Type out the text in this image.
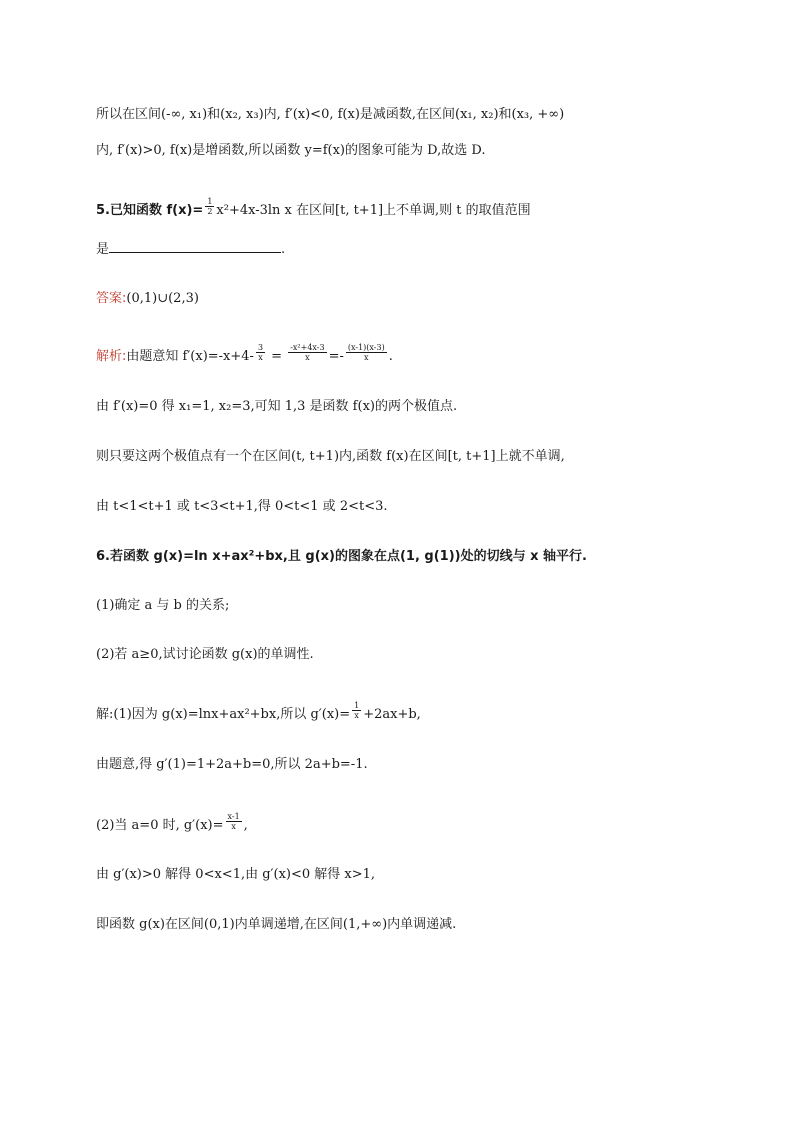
所以在区间(-∞, x₁)和(x₂, x₃)内, f′(x)<0, f(x)是减函数,在区间(x₁, x₂)和(x₃, +∞)
内, f′(x)>0, f(x)是增函数,所以函数 y=f(x)的图象可能为 D,故选 D.
5.已知函数 $f(x)= \frac{1}{2} x^2+4x-3\ln$ x 在区间[t, t+1]上不单调,则 t 的取值范围
是	.
答案:(0,1)∪(2,3)
解析:由题意知 $f'(x)=-x+4- \frac{3}{x} = \frac{\text{-x²+4x-3}}{x} =- \frac{(x-1)(x-3)}{x}$ .
由 f′(x)=0 得 x₁=1, x₂=3,可知 1,3 是函数 f(x)的两个极值点.
则只要这两个极值点有一个在区间(t, t+1)内,函数 f(x)在区间[t, t+1]上就不单调,
由 t<1<t+1 或 t<3<t+1,得 0<t<1 或 2<t<3.
6.若函数 g(x)=ln x+ax²+bx,且 g(x)的图象在点(1, g(1))处的切线与 x 轴平行.
(1)确定 a 与 b 的关系;
(2)若 a≥0,试讨论函数 g(x)的单调性.
解:(1)因为 g(x)=lnx+ax²+bx,所以 $g'(x)= \frac{1}{x} +2ax+b$,
由题意,得 g′(1)=1+2a+b=0,所以 2a+b=-1.
(2)当 a=0 时, $g'(x)= \frac{x-1}{x}$ ,
由 g′(x)>0 解得 0<x<1,由 g′(x)<0 解得 x>1,
即函数 g(x)在区间(0,1)内单调递增,在区间(1,+∞)内单调递减.
